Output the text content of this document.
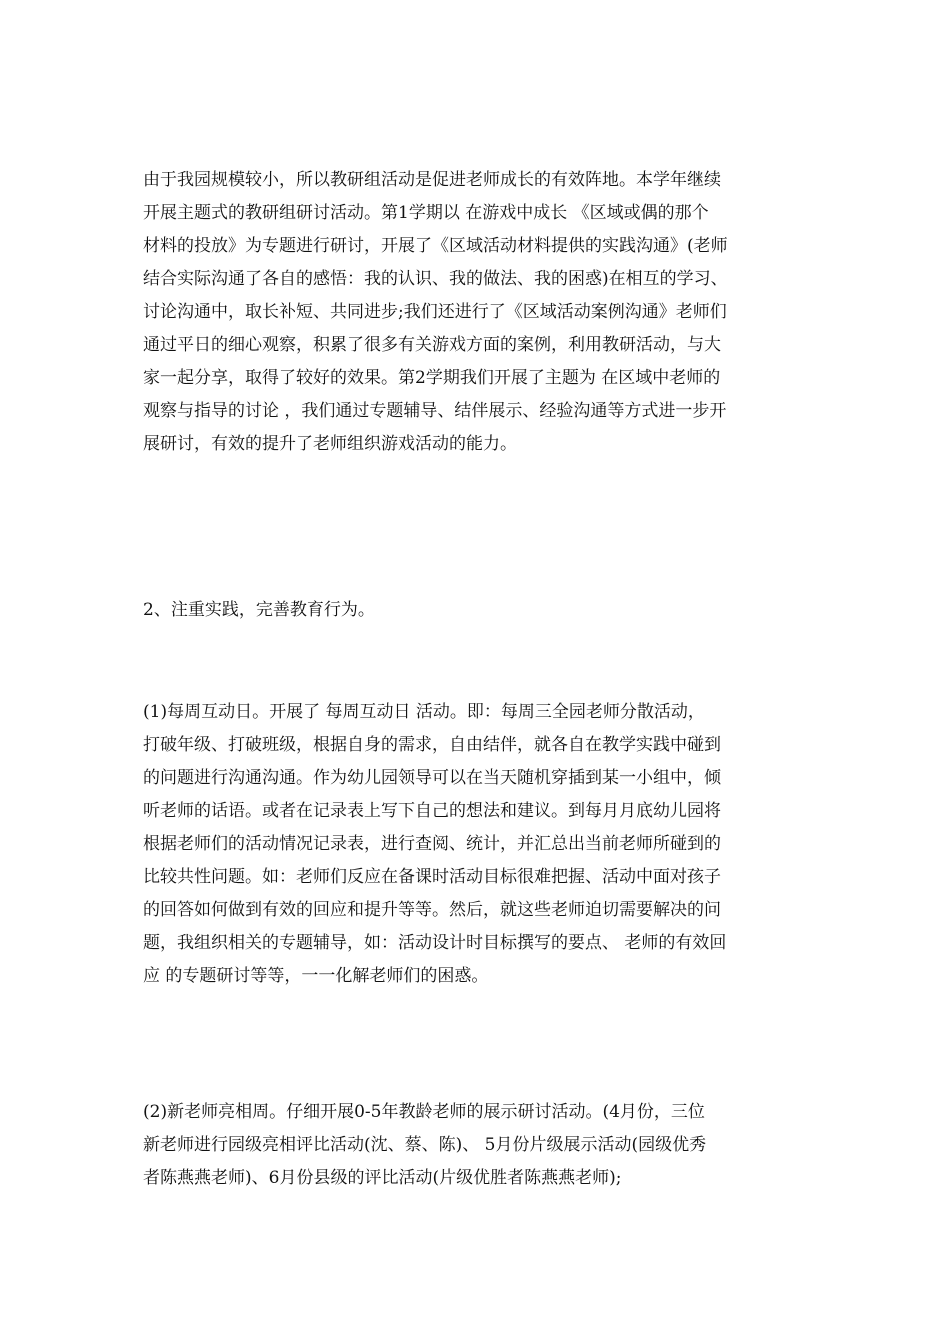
由于我园规模较小，所以教研组活动是促进老师成长的有效阵地。本学年继续
开展主题式的教研组研讨活动。第1学期以 在游戏中成长 《区域或偶的那个
材料的投放》为专题进行研讨，开展了《区域活动材料提供的实践沟通》(老师
结合实际沟通了各自的感悟：我的认识、我的做法、我的困惑)在相互的学习、
讨论沟通中，取长补短、共同进步;我们还进行了《区域活动案例沟通》老师们
通过平日的细心观察，积累了很多有关游戏方面的案例，利用教研活动，与大
家一起分享，取得了较好的效果。第2学期我们开展了主题为 在区域中老师的
观察与指导的讨论 ，我们通过专题辅导、结伴展示、经验沟通等方式进一步开
展研讨，有效的提升了老师组织游戏活动的能力。
2、注重实践，完善教育行为。
(1)每周互动日。开展了 每周互动日 活动。即：每周三全园老师分散活动，
打破年级、打破班级，根据自身的需求，自由结伴，就各自在教学实践中碰到
的问题进行沟通沟通。作为幼儿园领导可以在当天随机穿插到某一小组中，倾
听老师的话语。或者在记录表上写下自己的想法和建议。到每月月底幼儿园将
根据老师们的活动情况记录表，进行查阅、统计，并汇总出当前老师所碰到的
比较共性问题。如：老师们反应在备课时活动目标很难把握、活动中面对孩子
的回答如何做到有效的回应和提升等等。然后，就这些老师迫切需要解决的问
题，我组织相关的专题辅导，如：活动设计时目标撰写的要点、 老师的有效回
应 的专题研讨等等，一一化解老师们的困惑。
(2)新老师亮相周。仔细开展0-5年教龄老师的展示研讨活动。(4月份，三位
新老师进行园级亮相评比活动(沈、蔡、陈)、 5月份片级展示活动(园级优秀
者陈燕燕老师)、6月份县级的评比活动(片级优胜者陈燕燕老师);
